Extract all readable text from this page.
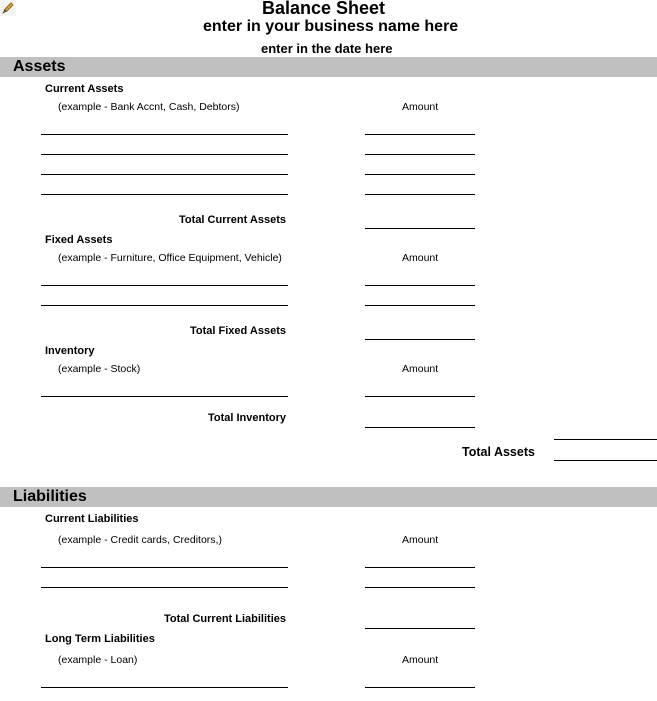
Balance Sheet
enter in your business name here
enter in the date here
Assets
Current Assets
(example - Bank Accnt, Cash, Debtors)	Amount
Total Current Assets
Fixed Assets
(example - Furniture, Office Equipment, Vehicle)	Amount
Total Fixed Assets
Inventory
(example - Stock)	Amount
Total Inventory
Total Assets
Liabilities
Current Liabilities
(example - Credit cards, Creditors,)	Amount
Total Current Liabilities
Long Term Liabilities
(example - Loan)	Amount
